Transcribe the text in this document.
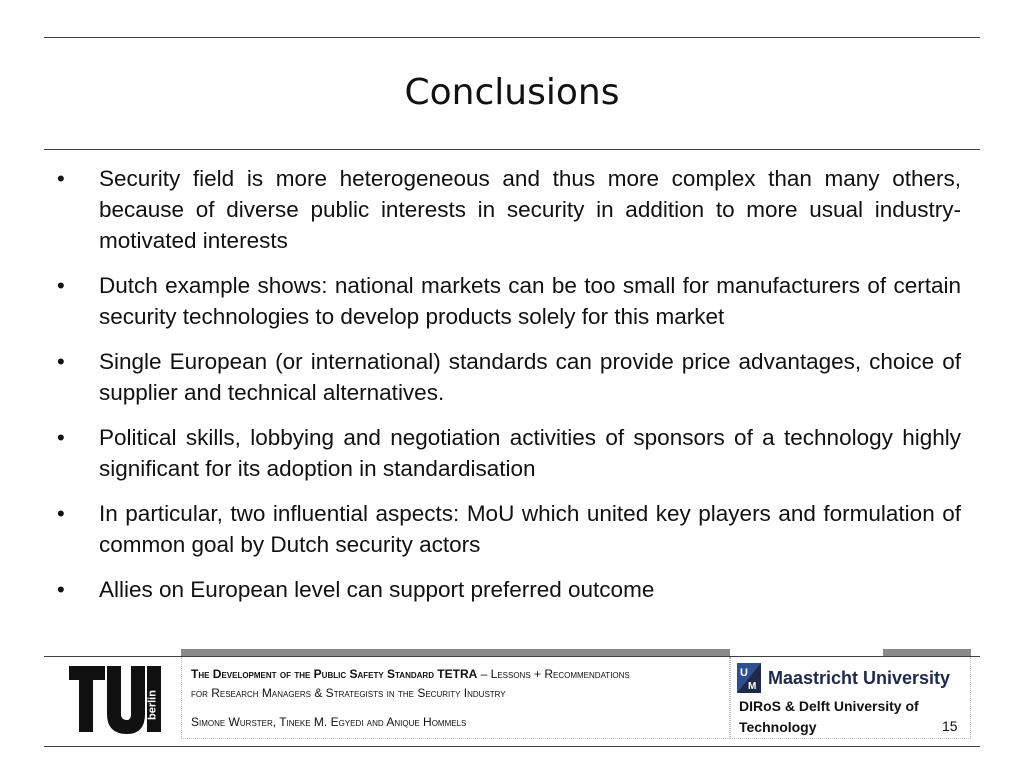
Conclusions
• Security field is more heterogeneous and thus more complex than many others, because of diverse public interests in security in addition to more usual industry-motivated interests
• Dutch example shows: national markets can be too small for manufacturers of certain security technologies to develop products solely for this market
• Single European (or international) standards can provide price advantages, choice of supplier and technical alternatives.
• Political skills, lobbying and negotiation activities of sponsors of a technology highly significant for its adoption in standardisation
• In particular, two influential aspects: MoU which united key players and formulation of common goal by Dutch security actors
• Allies on European level can support preferred outcome
berlin
The Development of the Public Safety Standard TETRA – Lessons + Recommendations
for Research Managers & Strategists in the Security Industry
Simone Wurster, Tineke M. Egyedi and Anique Hommels
U
M Maastricht University
DIRoS & Delft University of Technology	15
